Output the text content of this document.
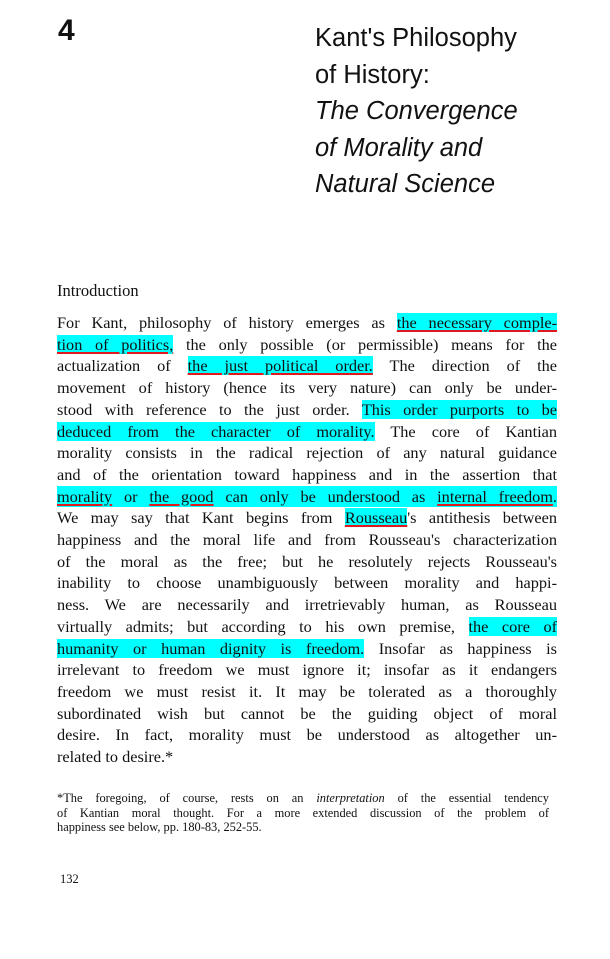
4	Kant's Philosophy
of History:
The Convergence
of Morality and
Natural Science
Introduction
For Kant, philosophy of history emerges as the necessary comple-
tion of politics, the only possible (or permissible) means for the
actualization of the just political order. The direction of the
movement of history (hence its very nature) can only be under-
stood with reference to the just order. This order purports to be
deduced from the character of morality. The core of Kantian
morality consists in the radical rejection of any natural guidance
and of the orientation toward happiness and in the assertion that
morality or the good can only be understood as internal freedom.
We may say that Kant begins from Rousseau's antithesis between
happiness and the moral life and from Rousseau's characterization
of the moral as the free; but he resolutely rejects Rousseau's
inability to choose unambiguously between morality and happi-
ness. We are necessarily and irretrievably human, as Rousseau
virtually admits; but according to his own premise, the core of
humanity or human dignity is freedom. Insofar as happiness is
irrelevant to freedom we must ignore it; insofar as it endangers
freedom we must resist it. It may be tolerated as a thoroughly
subordinated wish but cannot be the guiding object of moral
desire. In fact, morality must be understood as altogether un-
related to desire.*
*The foregoing, of course, rests on an interpretation of the essential tendency
of Kantian moral thought. For a more extended discussion of the problem of
happiness see below, pp. 180-83, 252-55.
132
